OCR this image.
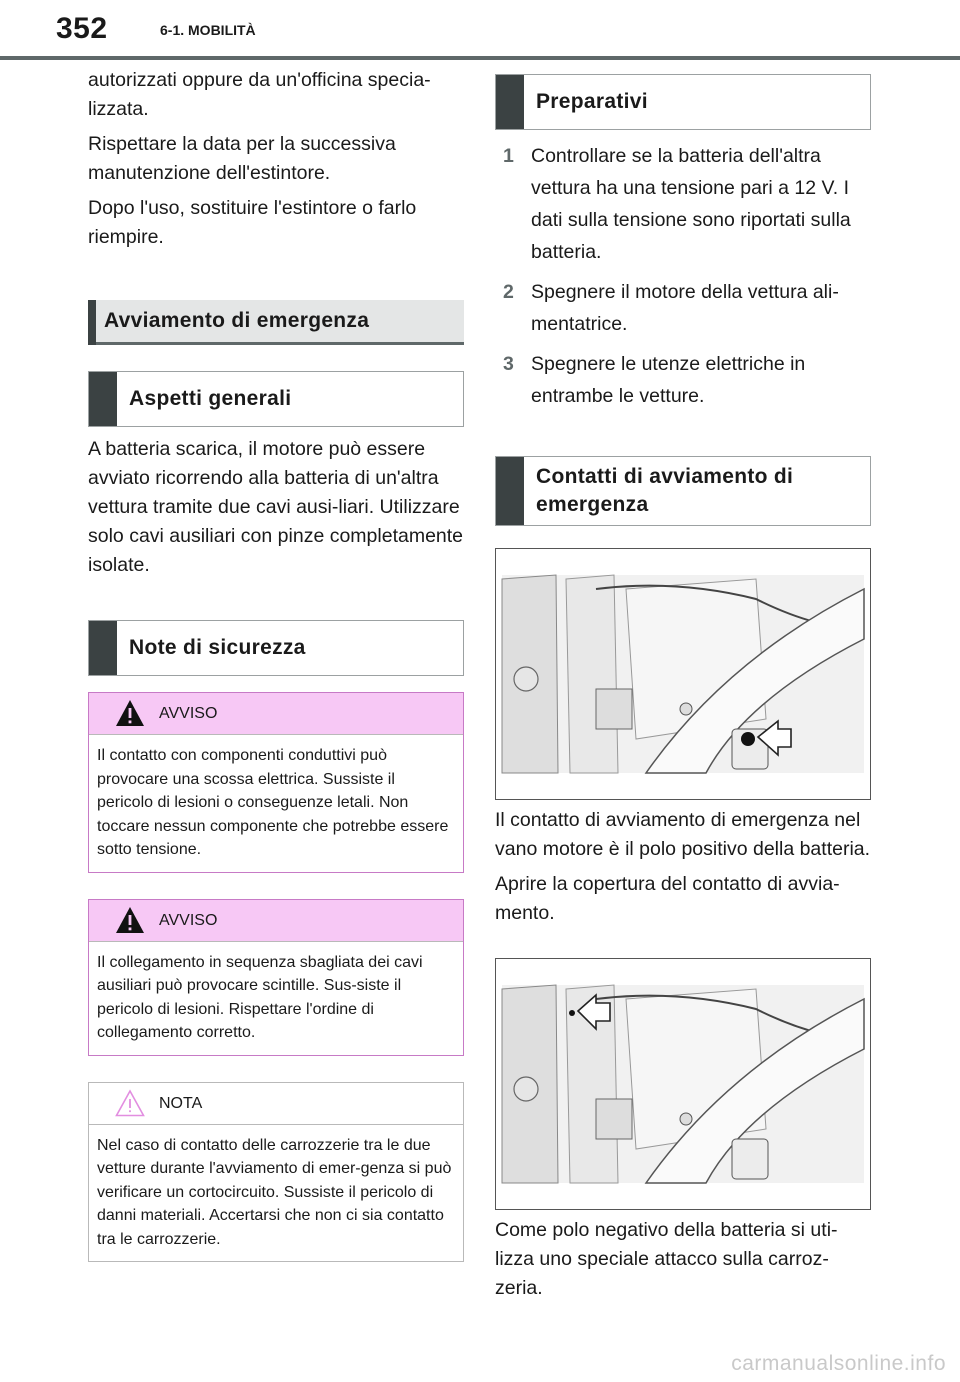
352	6-1. MOBILITÀ

autorizzati oppure da un'officina specia-lizzata.

Rispettare la data per la successiva manutenzione dell'estintore.

Dopo l'uso, sostituire l'estintore o farlo riempire.

Avviamento di emergenza
Aspetti generali

A batteria scarica, il motore può essere avviato ricorrendo alla batteria di un'altra vettura tramite due cavi ausi-liari. Utilizzare solo cavi ausiliari con pinze completamente isolate.

Note di sicurezza
AVVISO
Il contatto con componenti conduttivi può provocare una scossa elettrica. Sussiste il pericolo di lesioni o conseguenze letali. Non toccare nessun componente che potrebbe essere sotto tensione.
AVVISO
Il collegamento in sequenza sbagliata dei cavi ausiliari può provocare scintille. Sus-siste il pericolo di lesioni. Rispettare l'ordine di collegamento corretto.
NOTA
Nel caso di contatto delle carrozzerie tra le due vetture durante l'avviamento di emer-genza si può verificare un cortocircuito. Sussiste il pericolo di danni materiali. Accertarsi che non ci sia contatto tra le carrozzerie.
Preparativi
1 Controllare se la batteria dell'altra vettura ha una tensione pari a 12 V. I dati sulla tensione sono riportati sulla batteria.
2 Spegnere il motore della vettura ali-mentatrice.
3 Spegnere le utenze elettriche in entrambe le vetture.
Contatti di avviamento di emergenza

Il contatto di avviamento di emergenza nel vano motore è il polo positivo della batteria.

Aprire la copertura del contatto di avvia-mento.

Come polo negativo della batteria si uti-lizza uno speciale attacco sulla carroz-zeria.

carmanualsonline.info
